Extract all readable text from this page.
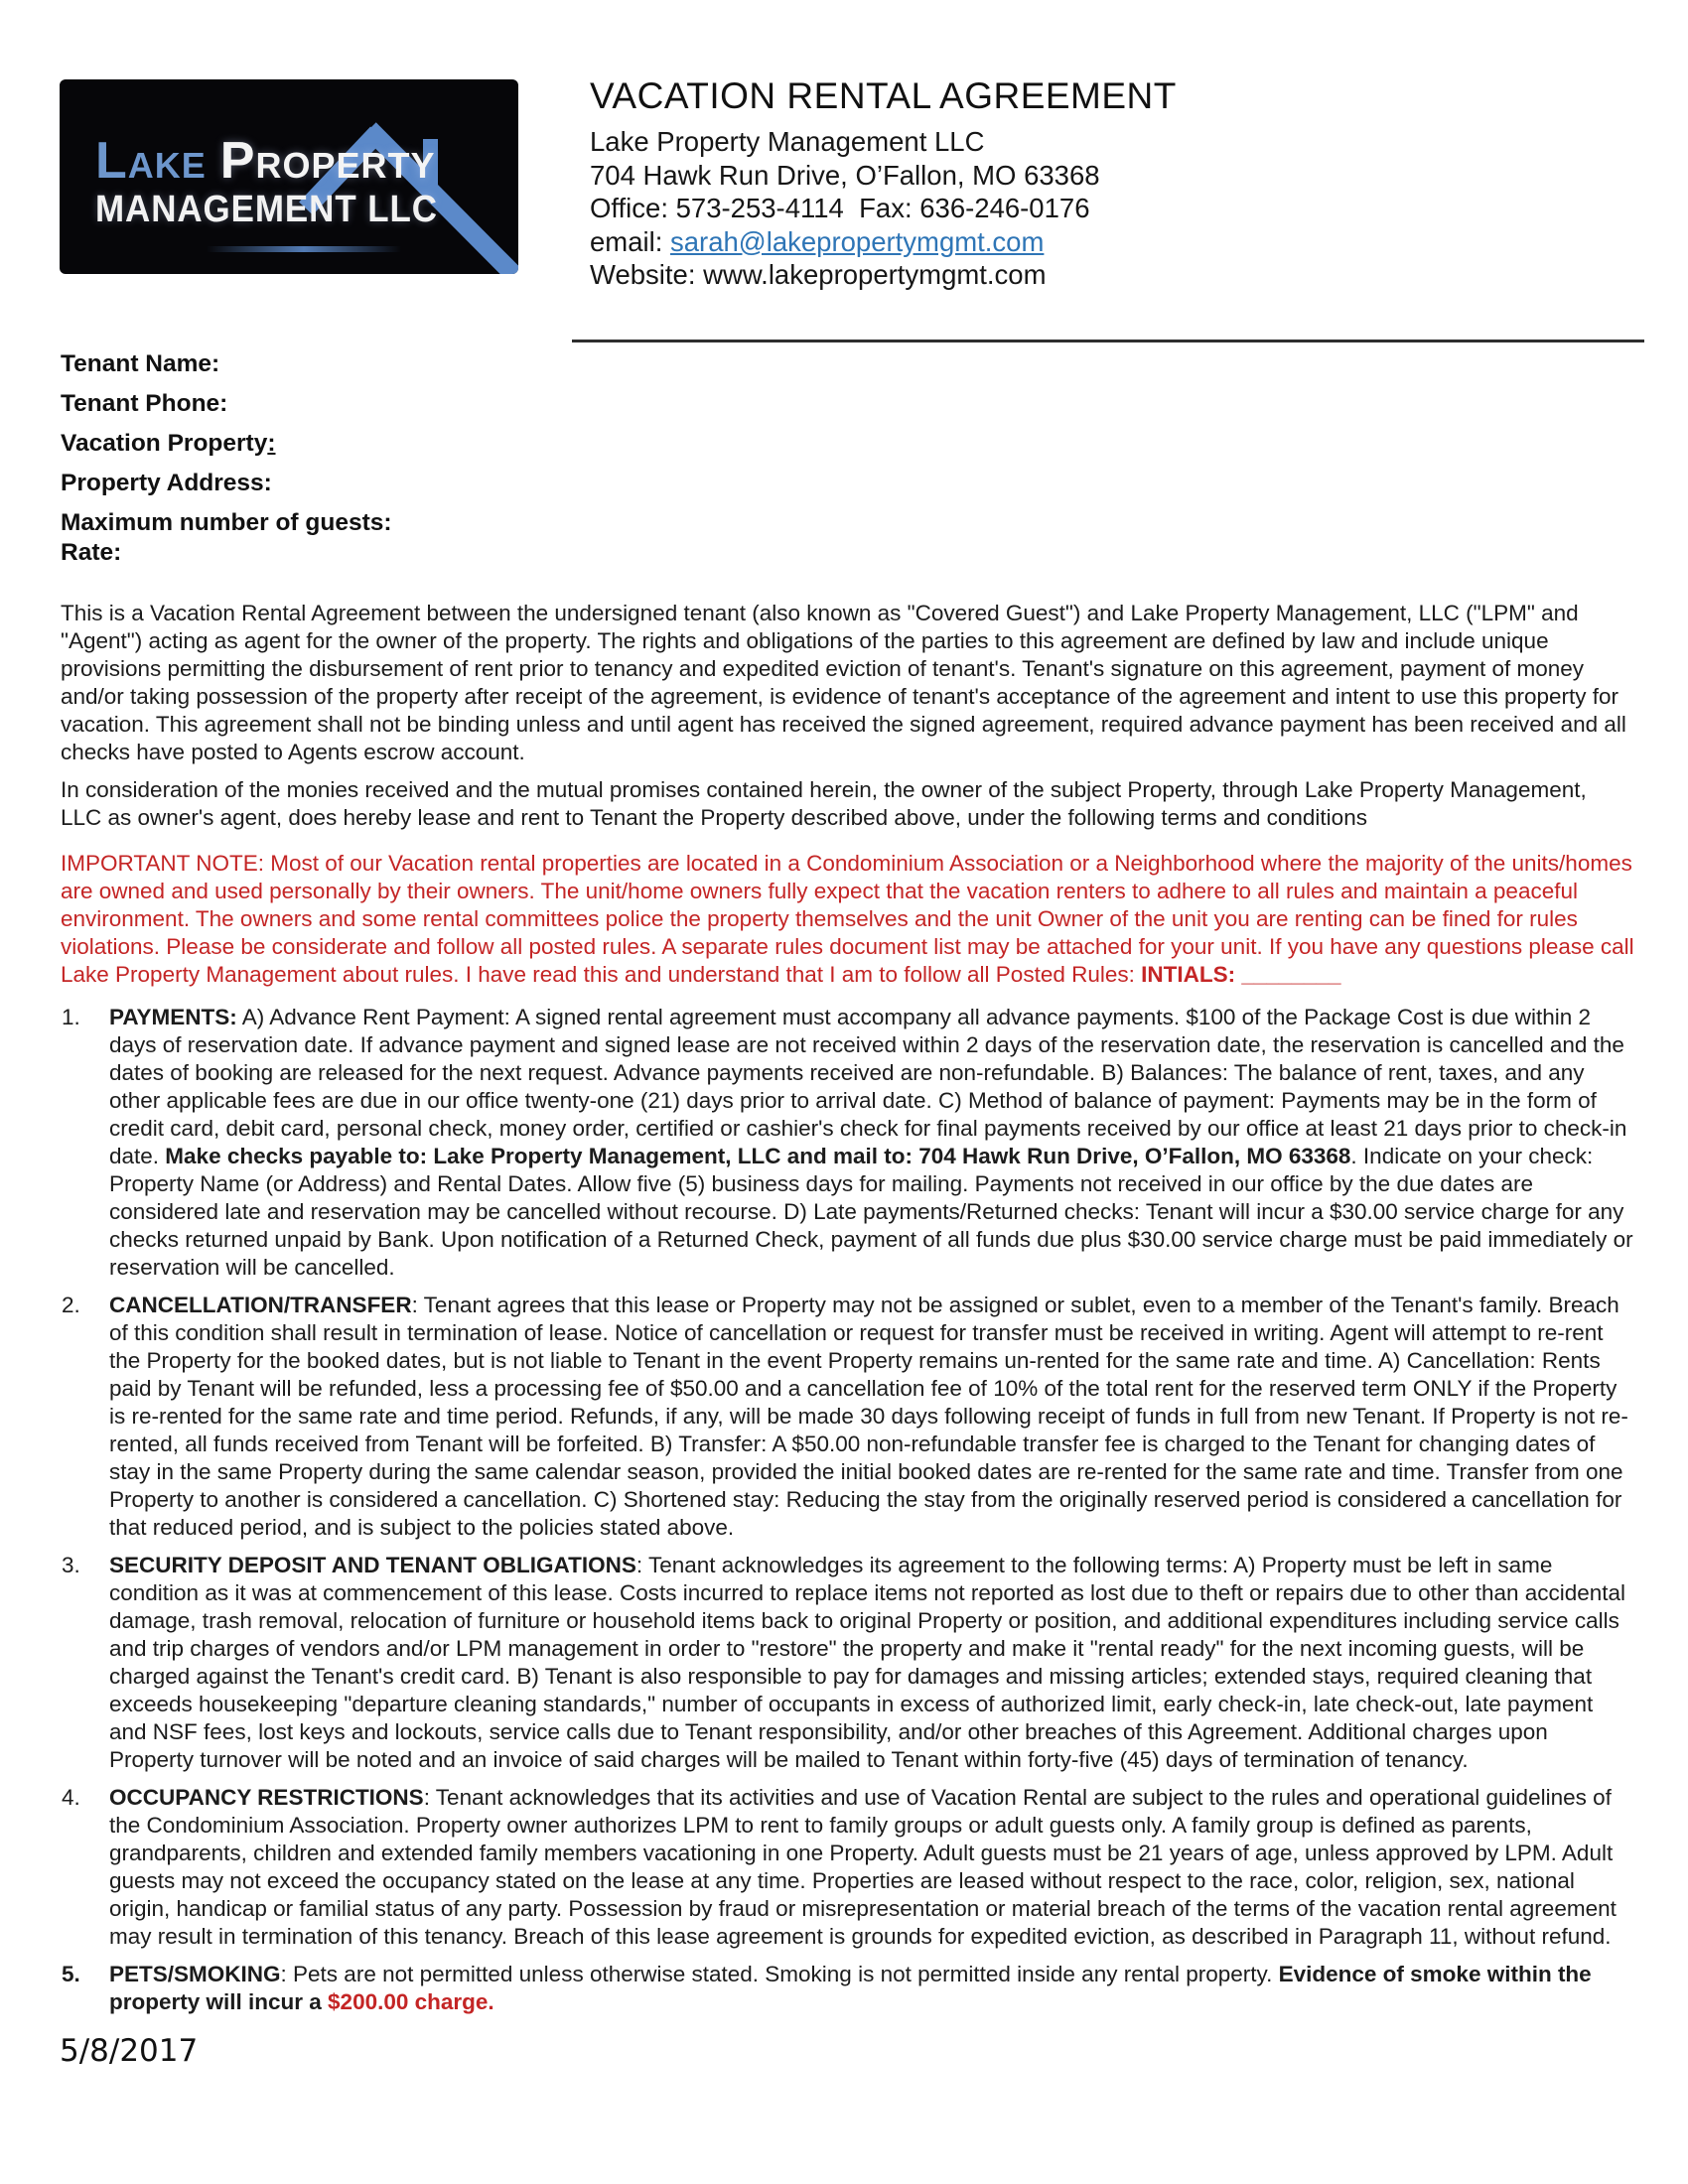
Lake Property
MANAGEMENT LLC
VACATION RENTAL AGREEMENT
Lake Property Management LLC
704 Hawk Run Drive, O’Fallon, MO 63368
Office: 573-253-4114  Fax: 636-246-0176
email: sarah@lakepropertymgmt.com
Website: www.lakepropertymgmt.com
Tenant Name:
Tenant Phone:
Vacation Property:
Property Address:
Maximum number of guests:
Rate:
This is a Vacation Rental Agreement between the undersigned tenant (also known as "Covered Guest") and Lake Property Management, LLC ("LPM" and "Agent") acting as agent for the owner of the property. The rights and obligations of the parties to this agreement are defined by law and include unique provisions permitting the disbursement of rent prior to tenancy and expedited eviction of tenant's. Tenant's signature on this agreement, payment of money and/or taking possession of the property after receipt of the agreement, is evidence of tenant's acceptance of the agreement and intent to use this property for vacation. This agreement shall not be binding unless and until agent has received the signed agreement, required advance payment has been received and all checks have posted to Agents escrow account.
In consideration of the monies received and the mutual promises contained herein, the owner of the subject Property, through Lake Property Management, LLC as owner's agent, does hereby lease and rent to Tenant the Property described above, under the following terms and conditions
IMPORTANT NOTE: Most of our Vacation rental properties are located in a Condominium Association or a Neighborhood where the majority of the units/homes are owned and used personally by their owners. The unit/home owners fully expect that the vacation renters to adhere to all rules and maintain a peaceful environment. The owners and some rental committees police the property themselves and the unit Owner of the unit you are renting can be fined for rules violations. Please be considerate and follow all posted rules. A separate rules document list may be attached for your unit. If you have any questions please call Lake Property Management about rules. I have read this and understand that I am to follow all Posted Rules: INTIALS: ________
1.	PAYMENTS: A) Advance Rent Payment: A signed rental agreement must accompany all advance payments. $100 of the Package Cost is due within 2 days of reservation date. If advance payment and signed lease are not received within 2 days of the reservation date, the reservation is cancelled and the dates of booking are released for the next request. Advance payments received are non-refundable. B) Balances: The balance of rent, taxes, and any other applicable fees are due in our office twenty-one (21) days prior to arrival date. C) Method of balance of payment: Payments may be in the form of credit card, debit card, personal check, money order, certified or cashier's check for final payments received by our office at least 21 days prior to check-in date. Make checks payable to: Lake Property Management, LLC and mail to: 704 Hawk Run Drive, O’Fallon, MO 63368. Indicate on your check: Property Name (or Address) and Rental Dates. Allow five (5) business days for mailing. Payments not received in our office by the due dates are considered late and reservation may be cancelled without recourse. D) Late payments/Returned checks: Tenant will incur a $30.00 service charge for any checks returned unpaid by Bank. Upon notification of a Returned Check, payment of all funds due plus $30.00 service charge must be paid immediately or reservation will be cancelled.
2.	CANCELLATION/TRANSFER: Tenant agrees that this lease or Property may not be assigned or sublet, even to a member of the Tenant's family. Breach of this condition shall result in termination of lease. Notice of cancellation or request for transfer must be received in writing. Agent will attempt to re-rent the Property for the booked dates, but is not liable to Tenant in the event Property remains un-rented for the same rate and time. A) Cancellation: Rents paid by Tenant will be refunded, less a processing fee of $50.00 and a cancellation fee of 10% of the total rent for the reserved term ONLY if the Property is re-rented for the same rate and time period. Refunds, if any, will be made 30 days following receipt of funds in full from new Tenant. If Property is not re-rented, all funds received from Tenant will be forfeited. B) Transfer: A $50.00 non-refundable transfer fee is charged to the Tenant for changing dates of stay in the same Property during the same calendar season, provided the initial booked dates are re-rented for the same rate and time. Transfer from one Property to another is considered a cancellation. C) Shortened stay: Reducing the stay from the originally reserved period is considered a cancellation for that reduced period, and is subject to the policies stated above.
3.	SECURITY DEPOSIT AND TENANT OBLIGATIONS: Tenant acknowledges its agreement to the following terms: A) Property must be left in same condition as it was at commencement of this lease. Costs incurred to replace items not reported as lost due to theft or repairs due to other than accidental damage, trash removal, relocation of furniture or household items back to original Property or position, and additional expenditures including service calls and trip charges of vendors and/or LPM management in order to "restore" the property and make it "rental ready" for the next incoming guests, will be charged against the Tenant's credit card. B) Tenant is also responsible to pay for damages and missing articles; extended stays, required cleaning that exceeds housekeeping "departure cleaning standards," number of occupants in excess of authorized limit, early check-in, late check-out, late payment and NSF fees, lost keys and lockouts, service calls due to Tenant responsibility, and/or other breaches of this Agreement. Additional charges upon Property turnover will be noted and an invoice of said charges will be mailed to Tenant within forty-five (45) days of termination of tenancy.
4.	OCCUPANCY RESTRICTIONS: Tenant acknowledges that its activities and use of Vacation Rental are subject to the rules and operational guidelines of the Condominium Association. Property owner authorizes LPM to rent to family groups or adult guests only. A family group is defined as parents, grandparents, children and extended family members vacationing in one Property. Adult guests must be 21 years of age, unless approved by LPM. Adult guests may not exceed the occupancy stated on the lease at any time. Properties are leased without respect to the race, color, religion, sex, national origin, handicap or familial status of any party. Possession by fraud or misrepresentation or material breach of the terms of the vacation rental agreement may result in termination of this tenancy. Breach of this lease agreement is grounds for expedited eviction, as described in Paragraph 11, without refund.
5.	PETS/SMOKING: Pets are not permitted unless otherwise stated. Smoking is not permitted inside any rental property. Evidence of smoke within the property will incur a $200.00 charge.
5/8/2017
